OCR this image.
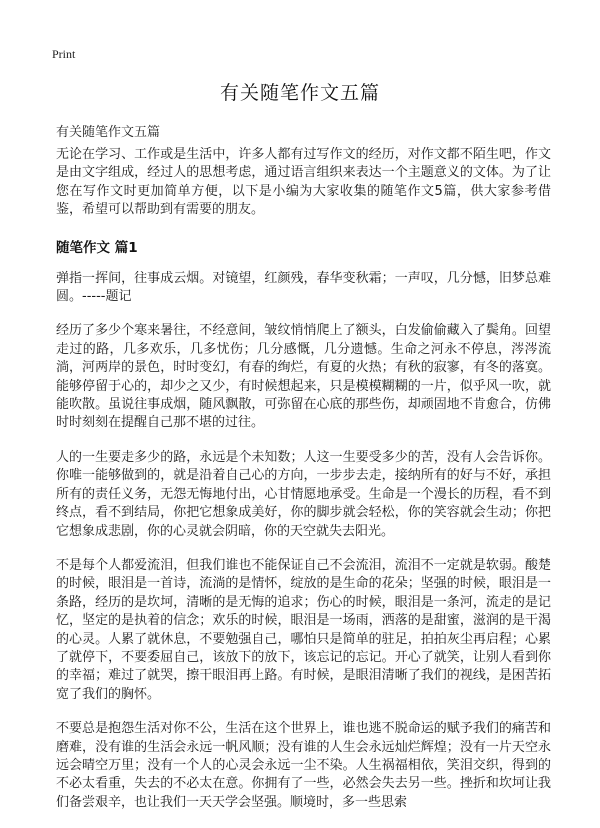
Print
有关随笔作文五篇
有关随笔作文五篇

无论在学习、工作或是生活中，许多人都有过写作文的经历，对作文都不陌生吧，作文是由文字组成，经过人的思想考虑，通过语言组织来表达一个主题意义的文体。为了让您在写作文时更加简单方便，以下是小编为大家收集的随笔作文5篇，供大家参考借鉴，希望可以帮助到有需要的朋友。

随笔作文 篇1

弹指一挥间，往事成云烟。对镜望，红颜残，春华变秋霜；一声叹，几分憾，旧梦总难圆。-----题记

经历了多少个寒来暑往，不经意间，皱纹悄悄爬上了额头，白发偷偷藏入了鬓角。回望走过的路，几多欢乐，几多忧伤；几分感慨，几分遗憾。生命之河永不停息，涔涔流淌，河两岸的景色，时时变幻，有春的绚烂，有夏的火热；有秋的寂寥，有冬的落寞。能够停留于心的，却少之又少，有时候想起来，只是模模糊糊的一片，似乎风一吹，就能吹散。虽说往事成烟，随风飘散，可弥留在心底的那些伤，却顽固地不肯愈合，仿佛时时刻刻在提醒自己那不堪的过往。

人的一生要走多少的路，永远是个未知数；人这一生要受多少的苦，没有人会告诉你。你唯一能够做到的，就是沿着自己心的方向，一步步去走，接纳所有的好与不好，承担所有的责任义务，无怨无悔地付出，心甘情愿地承受。生命是一个漫长的历程，看不到终点，看不到结局，你把它想象成美好，你的脚步就会轻松，你的笑容就会生动；你把它想象成悲剧，你的心灵就会阴暗，你的天空就失去阳光。

不是每个人都爱流泪，但我们谁也不能保证自己不会流泪，流泪不一定就是软弱。酸楚的时候，眼泪是一首诗，流淌的是情怀，绽放的是生命的花朵；坚强的时候，眼泪是一条路，经历的是坎坷，清晰的是无悔的追求；伤心的时候，眼泪是一条河，流走的是记忆，坚定的是执着的信念；欢乐的时候，眼泪是一场雨，洒落的是甜蜜，滋润的是干渴的心灵。人累了就休息，不要勉强自己，哪怕只是简单的驻足，拍拍灰尘再启程；心累了就停下，不要委屈自己，该放下的放下，该忘记的忘记。开心了就笑，让别人看到你的幸福；难过了就哭，擦干眼泪再上路。有时候，是眼泪清晰了我们的视线，是困苦拓宽了我们的胸怀。

不要总是抱怨生活对你不公，生活在这个世界上，谁也逃不脱命运的赋予我们的痛苦和磨难，没有谁的生活会永远一帆风顺；没有谁的人生会永远灿烂辉煌；没有一片天空永远会晴空万里；没有一个人的心灵会永远一尘不染。人生祸福相依，笑泪交织，得到的不必太看重，失去的不必太在意。你拥有了一些，必然会失去另一些。挫折和坎坷让我们备尝艰辛，也让我们一天天学会坚强。顺境时，多一些思索
